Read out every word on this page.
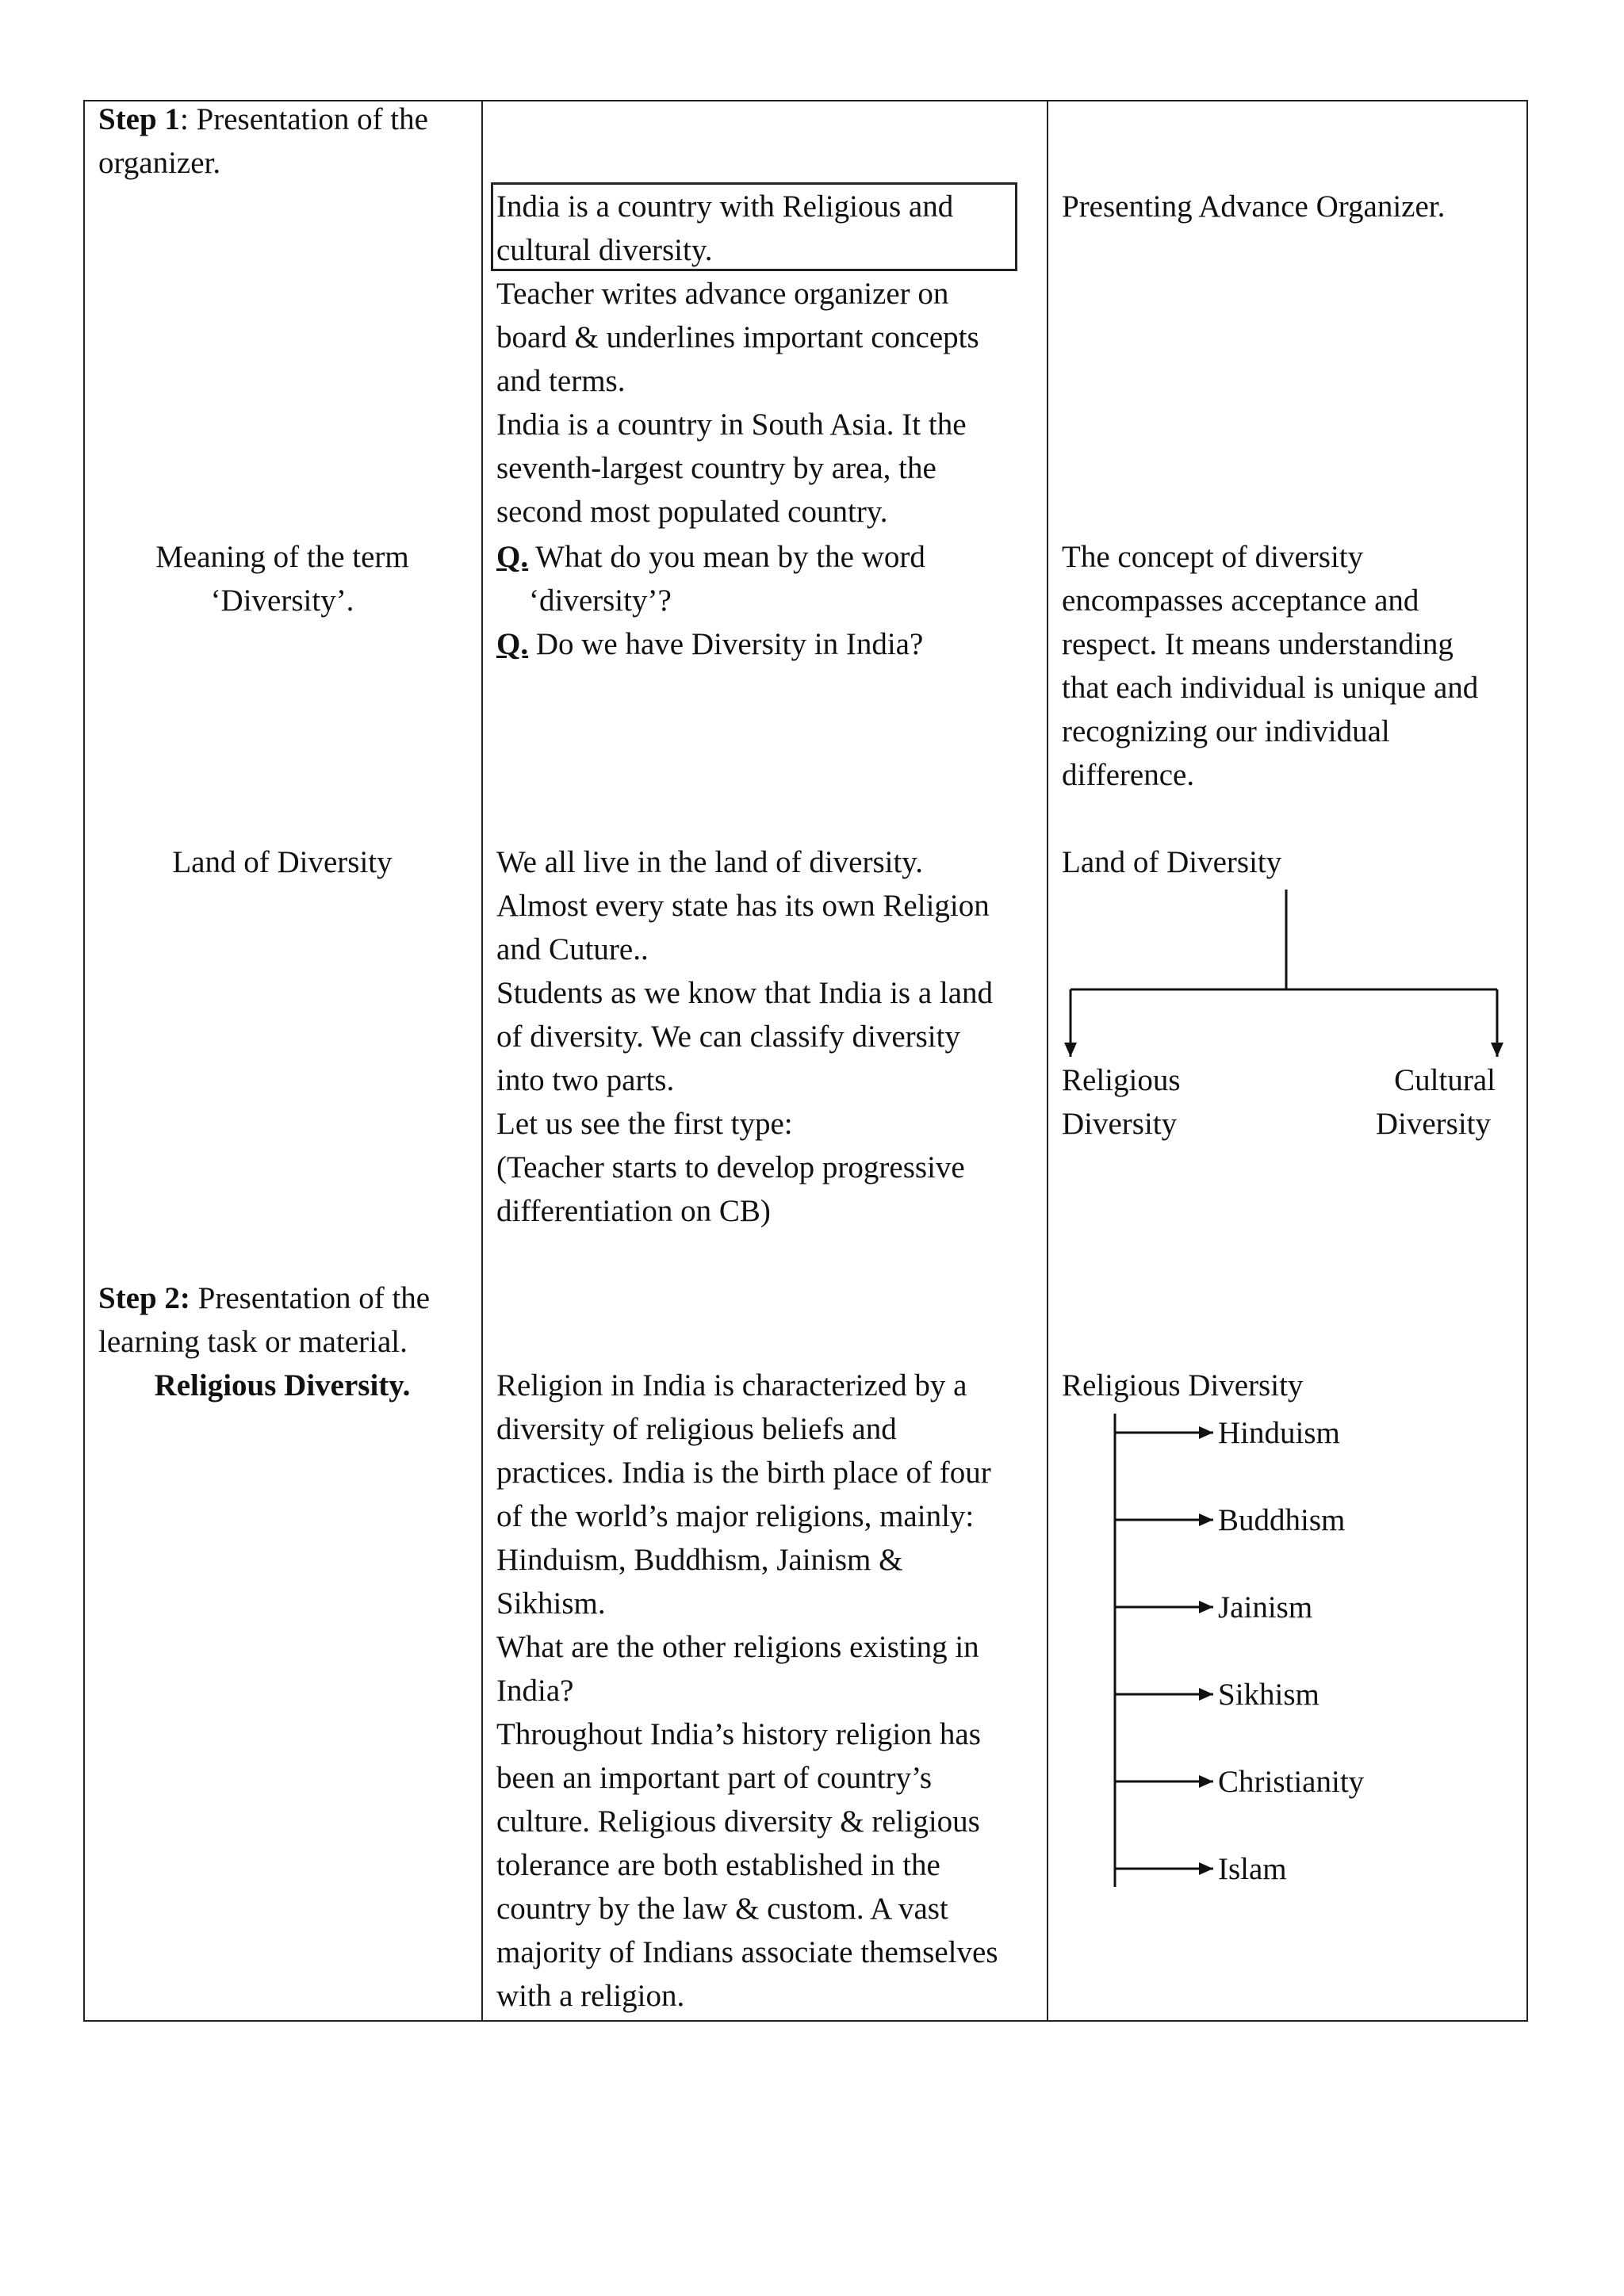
Step 1: Presentation of the
organizer.
Meaning of the term
‘Diversity’.
Land of Diversity
Step 2: Presentation of the
learning task or material.
Religious Diversity.
India is a country with Religious and
cultural diversity.
Teacher writes advance organizer on
board & underlines important concepts
and terms.
India is a country in South Asia. It the
seventh-largest country by area, the
second most populated country.
Q. What do you mean by the word
‘diversity’?
Q. Do we have Diversity in India?
We all live in the land of diversity.
Almost every state has its own Religion
and Cuture..
Students as we know that India is a land
of diversity. We can classify diversity
into two parts.
Let us see the first type:
(Teacher starts to develop progressive
differentiation on CB)
Religion in India is characterized by a
diversity of religious beliefs and
practices. India is the birth place of four
of the world’s major religions, mainly:
Hinduism, Buddhism, Jainism &
Sikhism.
What are the other religions existing in
India?
Throughout India’s history religion has
been an important part of country’s
culture. Religious diversity & religious
tolerance are both established in the
country by the law & custom. A vast
majority of Indians associate themselves
with a religion.
Presenting Advance Organizer.
The concept of diversity
encompasses acceptance and
respect. It means understanding
that each individual is unique and
recognizing our individual
difference.
Land of Diversity
Religious
Diversity
Cultural
Diversity
Religious Diversity
Hinduism
Buddhism
Jainism
Sikhism
Christianity
Islam
